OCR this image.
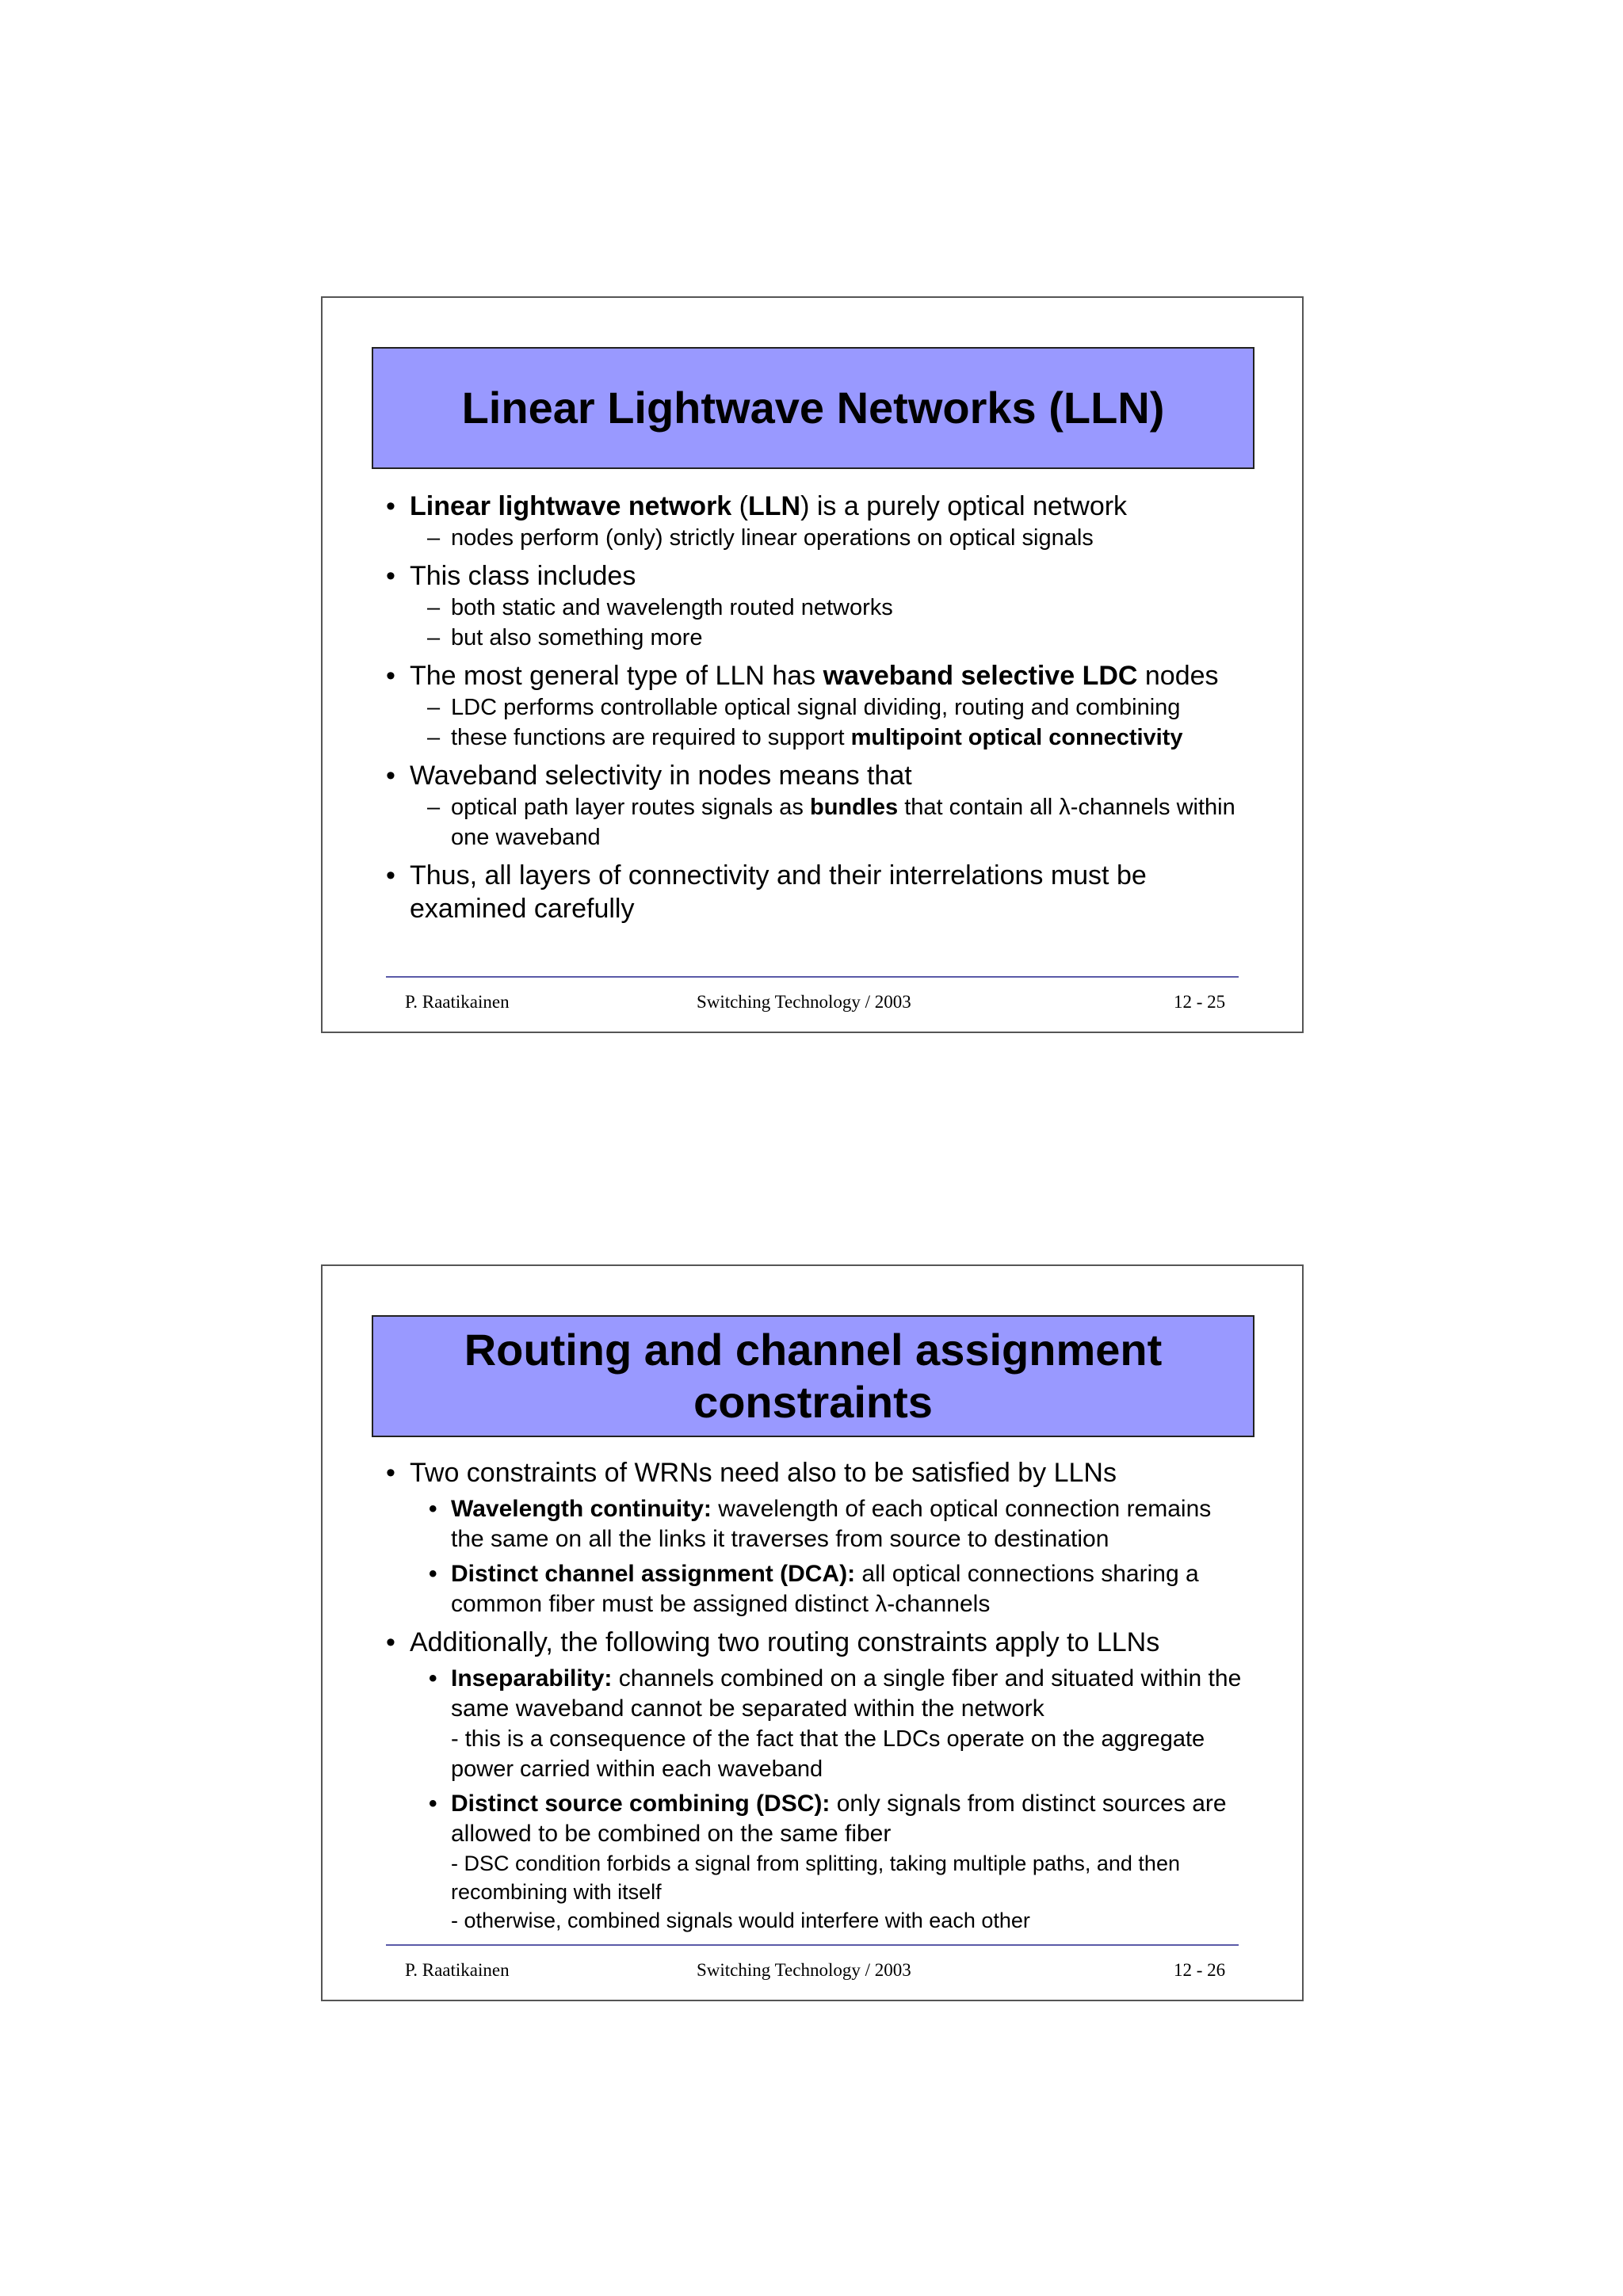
Linear Lightwave Networks (LLN)
• Linear lightwave network (LLN) is a purely optical network
– nodes perform (only) strictly linear operations on optical signals
• This class includes
– both static and wavelength routed networks
– but also something more
• The most general type of LLN has waveband selective LDC nodes
– LDC performs controllable optical signal dividing, routing and combining
– these functions are required to support multipoint optical connectivity
• Waveband selectivity in nodes means that
– optical path layer routes signals as bundles that contain all λ-channels within one waveband
• Thus, all layers of connectivity and their interrelations must be examined carefully
P. Raatikainen	Switching Technology / 2003	12 - 25
Routing and channel assignment
constraints
• Two constraints of WRNs need also to be satisfied by LLNs
• Wavelength continuity: wavelength of each optical connection remains the same on all the links it traverses from source to destination
• Distinct channel assignment (DCA): all optical connections sharing a common fiber must be assigned distinct λ-channels
• Additionally, the following two routing constraints apply to LLNs
• Inseparability: channels combined on a single fiber and situated within the same waveband cannot be separated within the network
- this is a consequence of the fact that the LDCs operate on the aggregate power carried within each waveband
• Distinct source combining (DSC): only signals from distinct sources are allowed to be combined on the same fiber
- DSC condition forbids a signal from splitting, taking multiple paths, and then recombining with itself
- otherwise, combined signals would interfere with each other
P. Raatikainen	Switching Technology / 2003	12 - 26
